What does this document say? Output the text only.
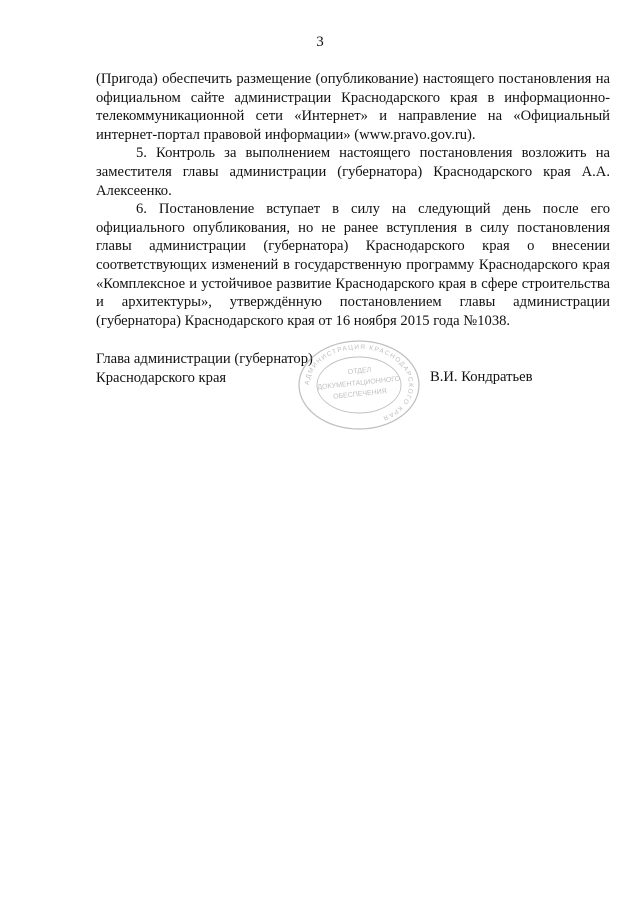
3

(Пригода) обеспечить размещение (опубликование) настоящего постановления на официальном сайте администрации Краснодарского края в информационно-телекоммуникационной сети «Интернет» и направление на «Официальный интернет-портал правовой информации» (www.pravo.gov.ru).

5. Контроль за выполнением настоящего постановления возложить на заместителя главы администрации (губернатора) Краснодарского края А.А. Алексеенко.

6. Постановление вступает в силу на следующий день после его официального опубликования, но не ранее вступления в силу постановления главы администрации (губернатора) Краснодарского края о внесении соответствующих изменений в государственную программу Краснодарского края «Комплексное и устойчивое развитие Краснодарского края в сфере строительства и архитектуры», утверждённую постановлением главы администрации (губернатора) Краснодарского края от 16 ноября 2015 года №1038.

Глава администрации (губернатор)
Краснодарского края	АДМИНИСТРАЦИЯ КРАСНОДАРСКОГО КРАЯ
ОТДЕЛ
ДОКУМЕНТАЦИОННОГО
ОБЕСПЕЧЕНИЯ
В.И. Кондратьев
